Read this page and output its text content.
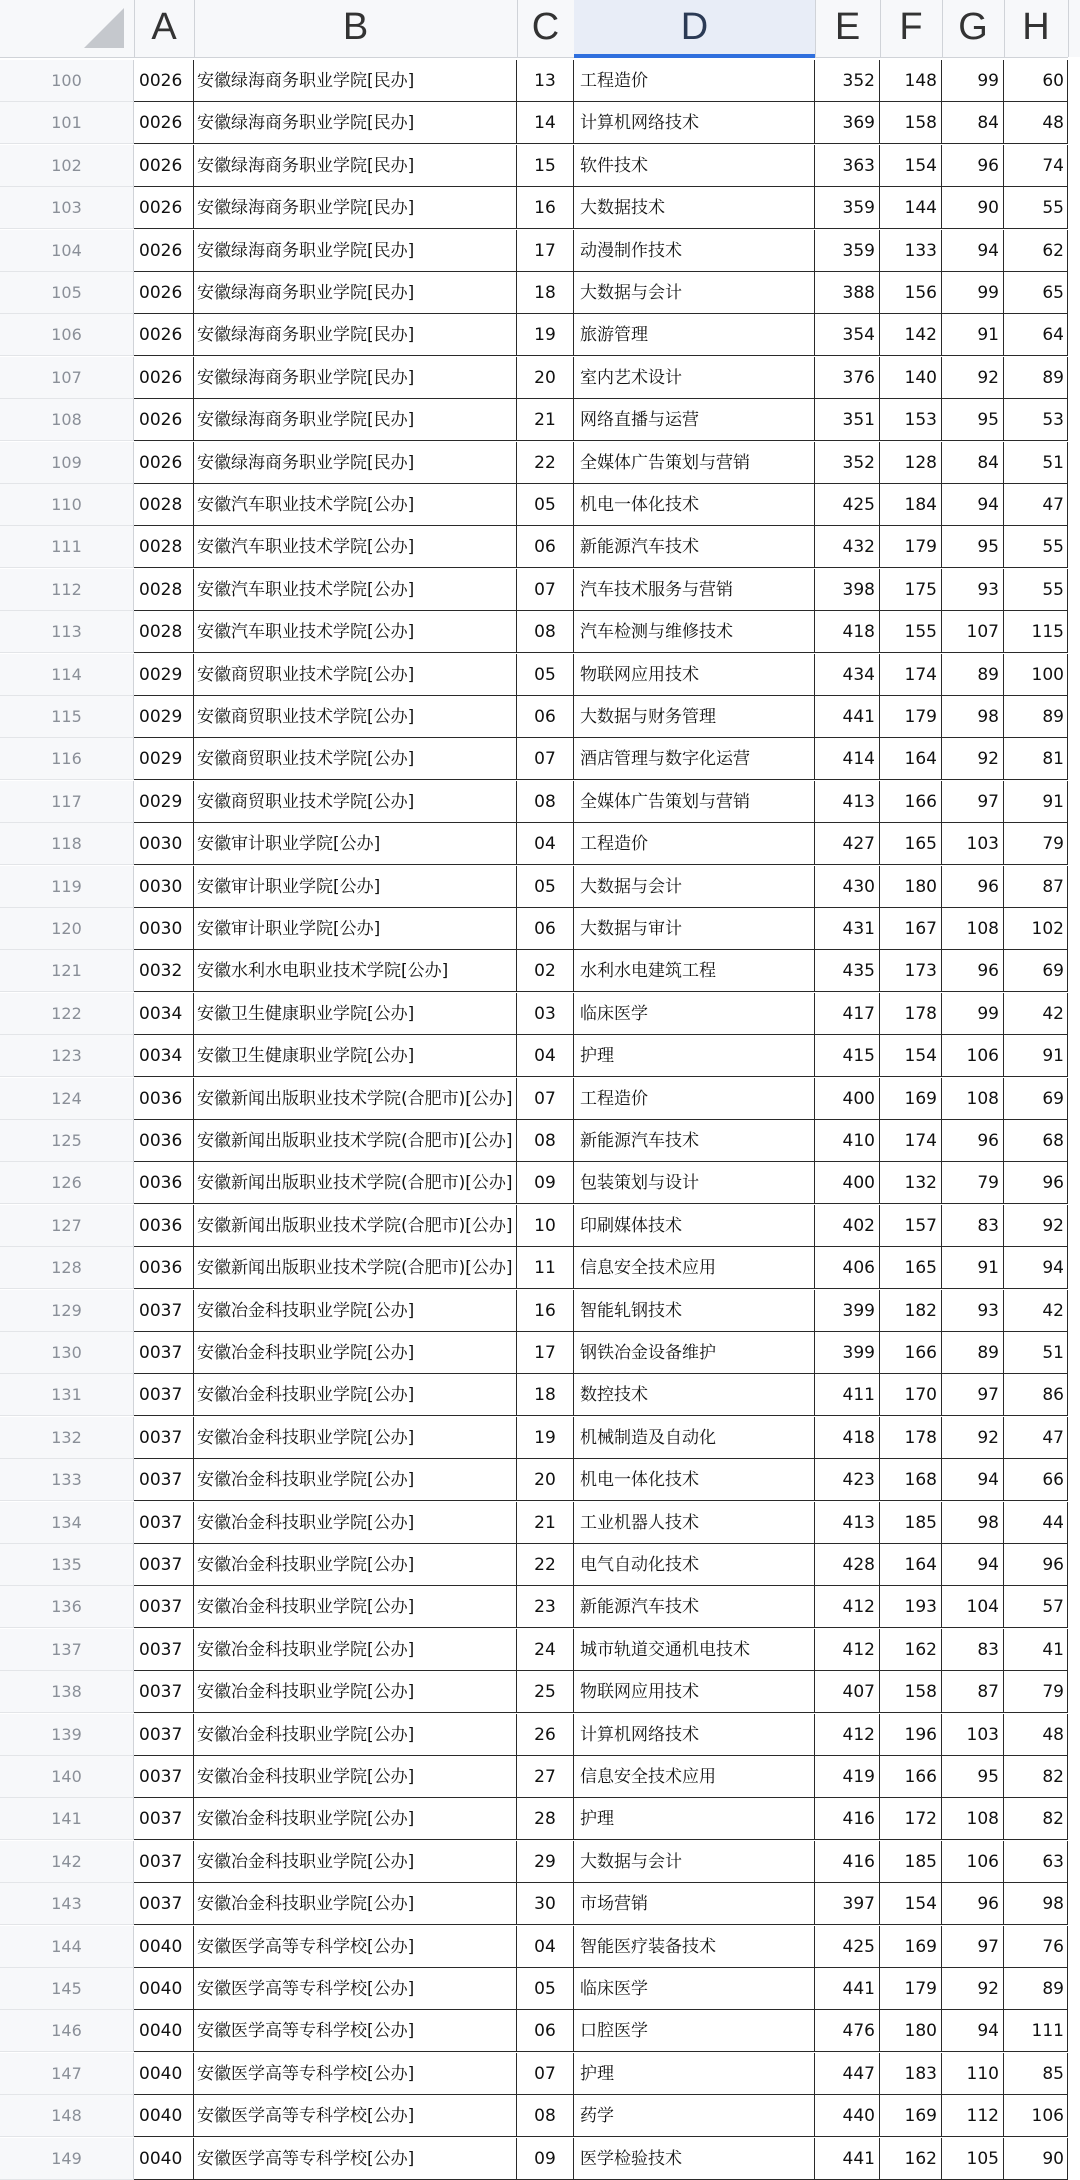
A	B	C	D	E	F G H
100	0026 安徽绿海商务职业学院[民办]	13	工程造价	352	148	99	60
101	0026 安徽绿海商务职业学院[民办]	14	计算机网络技术	369	158	84	48
102	0026 安徽绿海商务职业学院[民办]	15	软件技术	363	154	96	74
103	0026 安徽绿海商务职业学院[民办]	16	大数据技术	359	144	90	55
104	0026 安徽绿海商务职业学院[民办]	17	动漫制作技术	359	133	94	62
105	0026 安徽绿海商务职业学院[民办]	18	大数据与会计	388	156	99	65
106	0026 安徽绿海商务职业学院[民办]	19	旅游管理	354	142	91	64
107	0026 安徽绿海商务职业学院[民办]	20	室内艺术设计	376	140	92	89
108	0026 安徽绿海商务职业学院[民办]	21	网络直播与运营	351	153	95	53
109	0026 安徽绿海商务职业学院[民办]	22	全媒体广告策划与营销	352	128	84	51
110	0028 安徽汽车职业技术学院[公办]	05	机电一体化技术	425	184	94	47
111	0028 安徽汽车职业技术学院[公办]	06	新能源汽车技术	432	179	95	55
112	0028 安徽汽车职业技术学院[公办]	07	汽车技术服务与营销	398	175	93	55
113	0028 安徽汽车职业技术学院[公办]	08	汽车检测与维修技术	418	155	107	115
114	0029 安徽商贸职业技术学院[公办]	05	物联网应用技术	434	174	89	100
115	0029 安徽商贸职业技术学院[公办]	06	大数据与财务管理	441	179	98	89
116	0029 安徽商贸职业技术学院[公办]	07	酒店管理与数字化运营	414	164	92	81
117	0029 安徽商贸职业技术学院[公办]	08	全媒体广告策划与营销	413	166	97	91
118	0030 安徽审计职业学院[公办]	04	工程造价	427	165	103	79
119	0030 安徽审计职业学院[公办]	05	大数据与会计	430	180	96	87
120	0030 安徽审计职业学院[公办]	06	大数据与审计	431	167	108	102
121	0032 安徽水利水电职业技术学院[公办]	02	水利水电建筑工程	435	173	96	69
122	0034 安徽卫生健康职业学院[公办]	03	临床医学	417	178	99	42
123	0034 安徽卫生健康职业学院[公办]	04	护理	415	154	106	91
124	0036 安徽新闻出版职业技术学院(合肥市)[公办]	07	工程造价	400	169	108	69
125	0036 安徽新闻出版职业技术学院(合肥市)[公办]	08	新能源汽车技术	410	174	96	68
126	0036 安徽新闻出版职业技术学院(合肥市)[公办]	09	包装策划与设计	400	132	79	96
127	0036 安徽新闻出版职业技术学院(合肥市)[公办]	10	印刷媒体技术	402	157	83	92
128	0036 安徽新闻出版职业技术学院(合肥市)[公办]	11	信息安全技术应用	406	165	91	94
129	0037 安徽冶金科技职业学院[公办]	16	智能轧钢技术	399	182	93	42
130	0037 安徽冶金科技职业学院[公办]	17	钢铁冶金设备维护	399	166	89	51
131	0037 安徽冶金科技职业学院[公办]	18	数控技术	411	170	97	86
132	0037 安徽冶金科技职业学院[公办]	19	机械制造及自动化	418	178	92	47
133	0037 安徽冶金科技职业学院[公办]	20	机电一体化技术	423	168	94	66
134	0037 安徽冶金科技职业学院[公办]	21	工业机器人技术	413	185	98	44
135	0037 安徽冶金科技职业学院[公办]	22	电气自动化技术	428	164	94	96
136	0037 安徽冶金科技职业学院[公办]	23	新能源汽车技术	412	193	104	57
137	0037 安徽冶金科技职业学院[公办]	24	城市轨道交通机电技术	412	162	83	41
138	0037 安徽冶金科技职业学院[公办]	25	物联网应用技术	407	158	87	79
139	0037 安徽冶金科技职业学院[公办]	26	计算机网络技术	412	196	103	48
140	0037 安徽冶金科技职业学院[公办]	27	信息安全技术应用	419	166	95	82
141	0037 安徽冶金科技职业学院[公办]	28	护理	416	172	108	82
142	0037 安徽冶金科技职业学院[公办]	29	大数据与会计	416	185	106	63
143	0037 安徽冶金科技职业学院[公办]	30	市场营销	397	154	96	98
144	0040 安徽医学高等专科学校[公办]	04	智能医疗装备技术	425	169	97	76
145	0040 安徽医学高等专科学校[公办]	05	临床医学	441	179	92	89
146	0040 安徽医学高等专科学校[公办]	06	口腔医学	476	180	94	111
147	0040 安徽医学高等专科学校[公办]	07	护理	447	183	110	85
148	0040 安徽医学高等专科学校[公办]	08	药学	440	169	112	106
149	0040 安徽医学高等专科学校[公办]	09	医学检验技术	441	162	105	90
